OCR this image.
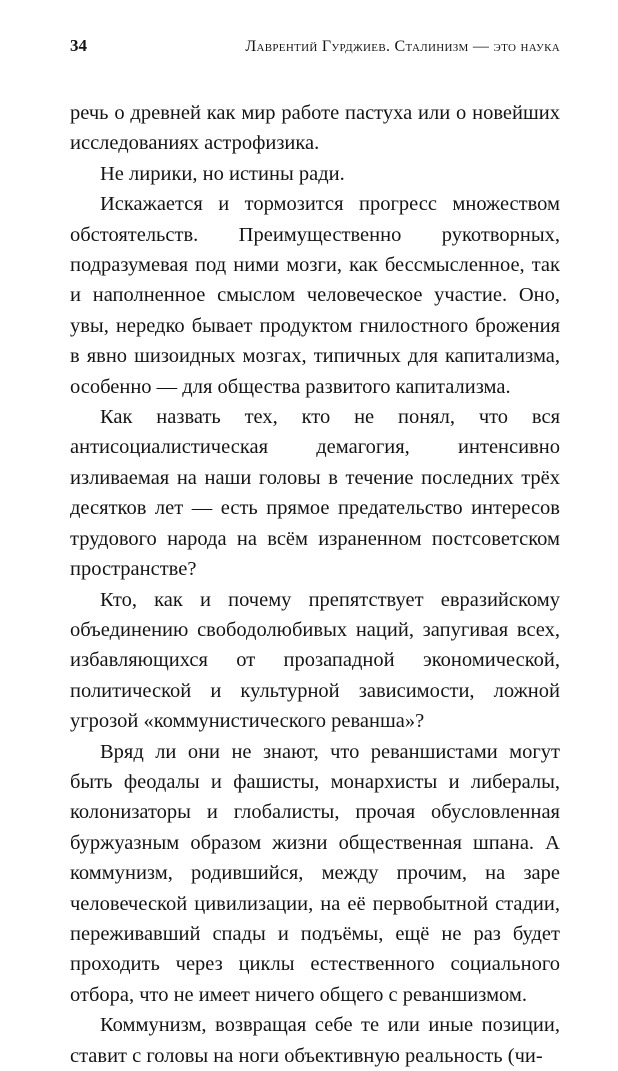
34	Лаврентий Гурджиев. Сталинизм — это наука

речь о древней как мир работе пастуха или о новейших исследованиях астрофизика.

Не лирики, но истины ради.

Искажается и тормозится прогресс множеством обстоятельств. Преимущественно рукотворных, подразумевая под ними мозги, как бессмысленное, так и наполненное смыслом человеческое участие. Оно, увы, нередко бывает продуктом гнилостного брожения в явно шизоидных мозгах, типичных для капитализма, особенно — для общества развитого капитализма.

Как назвать тех, кто не понял, что вся антисоциалистическая демагогия, интенсивно изливаемая на наши головы в течение последних трёх десятков лет — есть прямое предательство интересов трудового народа на всём израненном постсоветском пространстве?

Кто, как и почему препятствует евразийскому объединению свободолюбивых наций, запугивая всех, избавляющихся от прозападной экономической, политической и культурной зависимости, ложной угрозой «коммунистического реванша»?

Вряд ли они не знают, что реваншистами могут быть феодалы и фашисты, монархисты и либералы, колонизаторы и глобалисты, прочая обусловленная буржуазным образом жизни общественная шпана. А коммунизм, родившийся, между прочим, на заре человеческой цивилизации, на её первобытной стадии, переживавший спады и подъёмы, ещё не раз будет проходить через циклы естественного социального отбора, что не имеет ничего общего с реваншизмом.

Коммунизм, возвращая себе те или иные позиции, ставит с головы на ноги объективную реальность (чи-
